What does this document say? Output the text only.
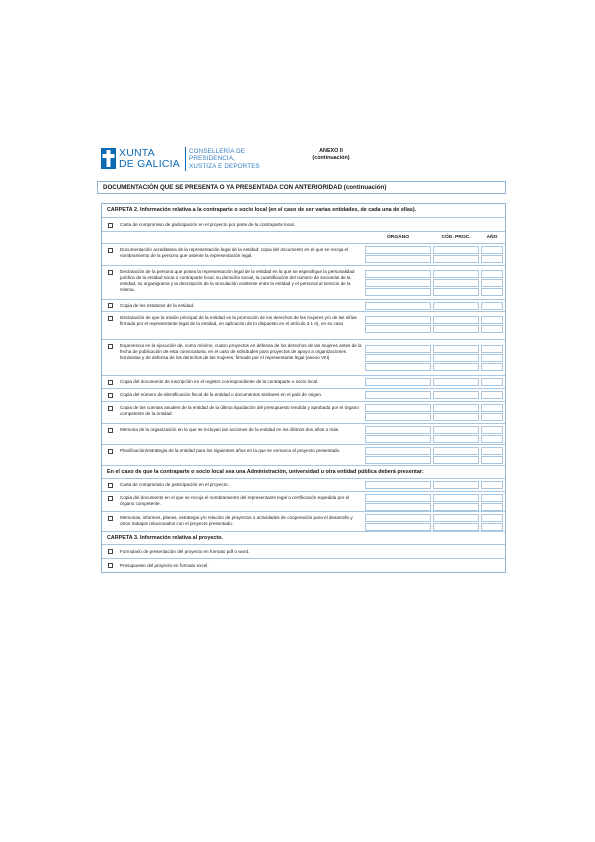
XUNTA
DE GALICIA
CONSELLERÍA DE
PRESIDENCIA,
XUSTIZA E DEPORTES
ANEXO II
(continuación)
DOCUMENTACIÓN QUE SE PRESENTA O YA PRESENTADA CON ANTERIORIDAD (continuación)
CARPETA 2. Información relativa a la contraparte o socio local (en el caso de ser varias entidades, de cada una de ellas).
Carta de compromiso de participación en el proyecto por parte de la contraparte local.
ÓRGANO	CÓD. PROC.	AÑO
Documentación acreditativa de la representación legal de la entidad: copia del documento en el que se recoja el nombramiento de la persona que ostente la representación legal.
Declaración de la persona que posea la representación legal de la entidad en la que se especifique la personalidad jurídica de la entidad socia o contraparte local, su domicilio social, la cuantificación del número de socios/as de la entidad, su organigrama y la descripción de la vinculación existente entre la entidad y el personal al servicio de la misma.
Copia de los estatutos de la entidad.
Declaración de que la misión principal de la entidad es la promoción de los derechos de las mujeres y/o de las niñas firmada por el representante legal de la entidad, en aplicación de lo dispuesto en el artículo 3.1 e), en su caso
Experiencia en la ejecución de, como mínimo, cuatro proyectos en defensa de los derechos de las mujeres antes de la fecha de publicación de esta convocatoria, en el caso de solicitudes para proyectos de apoyo a organizaciones feministas y de defensa de los derechos de las mujeres, firmado por el representante legal (anexo VIII)
Copia del documento de inscripción en el registro correspondiente de la contraparte o socio local.
Copia del número de identificación fiscal de la entidad o documentos similares en el país de origen.
Copia de las cuentas anuales de la entidad de la última liquidación del presupuesto rendida y aprobada por el órgano competente de la entidad.
Memoria de la organización en la que se incluyan las acciones de la entidad en los últimos dos años o más.
Planificación/estrategia de la entidad para los siguientes años en la que se enmarca el proyecto presentado.
En el caso de que la contraparte o socio local sea una Administración, universidad u otra entidad pública deberá presentar:
Carta de compromiso de participación en el proyecto.
Copia del documento en el que se recoja el nombramiento del representante legal o certificación expedida por el órgano competente.
Memorias, informes, planes, estrategia y/o relación de proyectos o actividades de cooperación para el desarrollo y otros trabajos relacionados con el proyecto presentado.
CARPETA 3. Información relativa al proyecto.
Formulario de presentación del proyecto en formato pdf o word.
Presupuesto del proyecto en formato excel.
